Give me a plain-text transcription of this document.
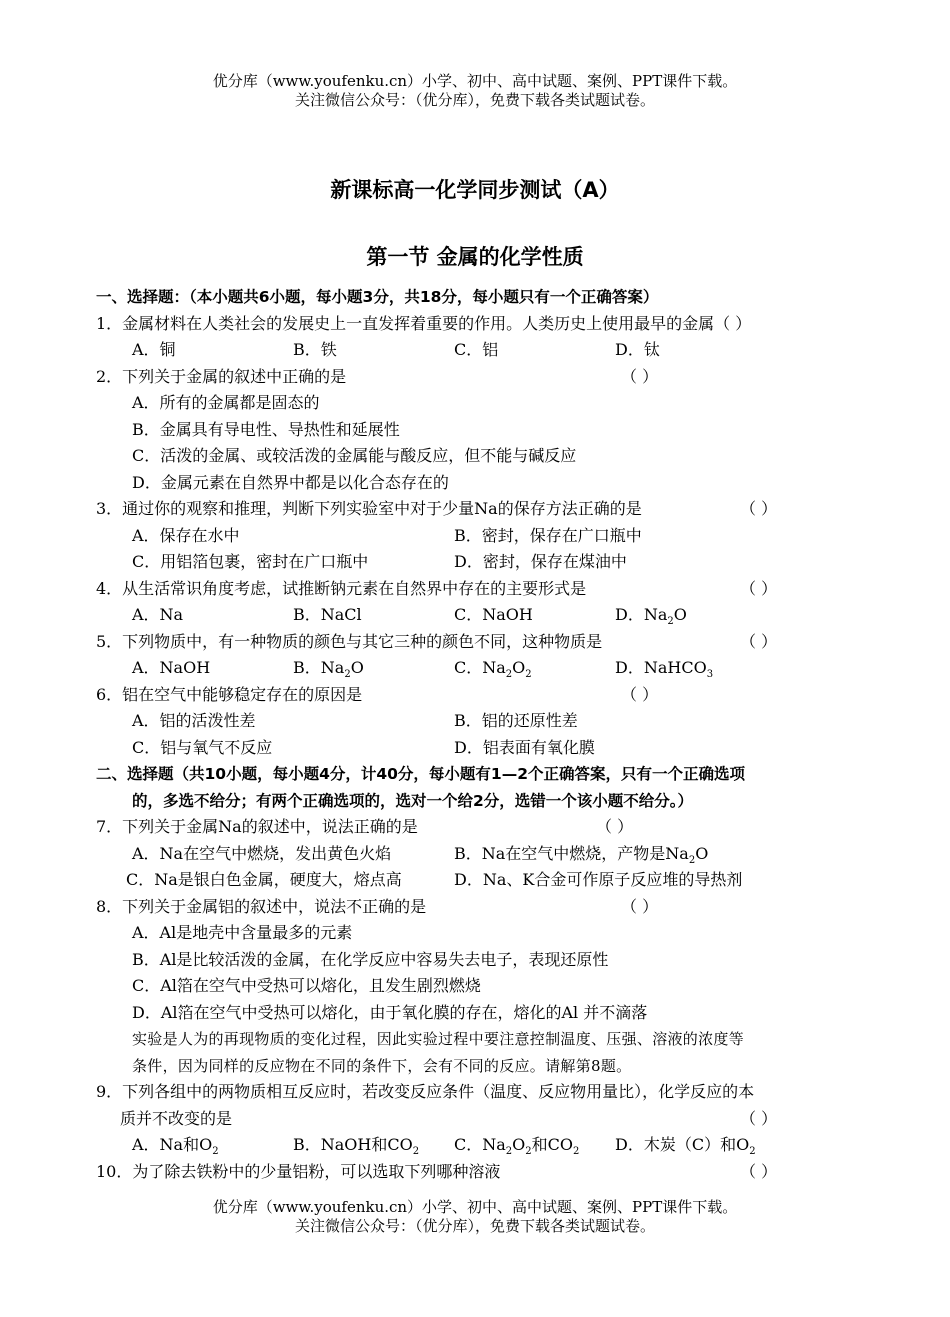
优分库（www.youfenku.cn）小学、初中、高中试题、案例、PPT课件下载。
关注微信公众号：（优分库），免费下载各类试题试卷。
新课标高一化学同步测试（A）
第一节 金属的化学性质
一、选择题：（本小题共6小题，每小题3分，共18分，每小题只有一个正确答案）
1．金属材料在人类社会的发展史上一直发挥着重要的作用。人类历史上使用最早的金属（ ）
A．铜	B．铁	C．铝	D．钛
2．下列关于金属的叙述中正确的是	（ ）
A．所有的金属都是固态的
B．金属具有导电性、导热性和延展性
C．活泼的金属、或较活泼的金属能与酸反应，但不能与碱反应
D．金属元素在自然界中都是以化合态存在的
3．通过你的观察和推理，判断下列实验室中对于少量Na的保存方法正确的是	（ ）
A．保存在水中	B．密封，保存在广口瓶中
C．用铝箔包裹，密封在广口瓶中	D．密封，保存在煤油中
4．从生活常识角度考虑，试推断钠元素在自然界中存在的主要形式是	（ ）
A．Na	B．NaCl	C．NaOH	D．$Na_2O$
5．下列物质中，有一种物质的颜色与其它三种的颜色不同，这种物质是	（ ）
A．NaOH	B．$Na_2O$	C．$Na_2O_2$	D．NaHCO$_3$
6．铝在空气中能够稳定存在的原因是	（ ）
A．铝的活泼性差	B．铝的还原性差
C．铝与氧气不反应	D．铝表面有氧化膜
二、选择题（共10小题，每小题4分，计40分，每小题有1—2个正确答案，只有一个正确选项
的，多选不给分；有两个正确选项的，选对一个给2分，选错一个该小题不给分。）
7．下列关于金属Na的叙述中，说法正确的是	（ ）
A．Na在空气中燃烧，发出黄色火焰	B．Na在空气中燃烧，产物是$Na_2O$
C．Na是银白色金属，硬度大，熔点高	D．Na、K合金可作原子反应堆的导热剂
8．下列关于金属铝的叙述中，说法不正确的是	（ ）
A．Al是地壳中含量最多的元素
B．Al是比较活泼的金属，在化学反应中容易失去电子，表现还原性
C．Al箔在空气中受热可以熔化，且发生剧烈燃烧
D．Al箔在空气中受热可以熔化，由于氧化膜的存在，熔化的Al 并不滴落
实验是人为的再现物质的变化过程，因此实验过程中要注意控制温度、压强、溶液的浓度等
条件，因为同样的反应物在不同的条件下，会有不同的反应。请解第8题。
9．下列各组中的两物质相互反应时，若改变反应条件（温度、反应物用量比），化学反应的本
质并不改变的是	（ ）
A．Na和$O_2$	B．NaOH和$CO_2$ C．$Na_2O_2$和$CO_2$ D．木炭（C）和$O_2$
10．为了除去铁粉中的少量铝粉，可以选取下列哪种溶液	（ ）
优分库（www.youfenku.cn）小学、初中、高中试题、案例、PPT课件下载。
关注微信公众号：（优分库），免费下载各类试题试卷。
